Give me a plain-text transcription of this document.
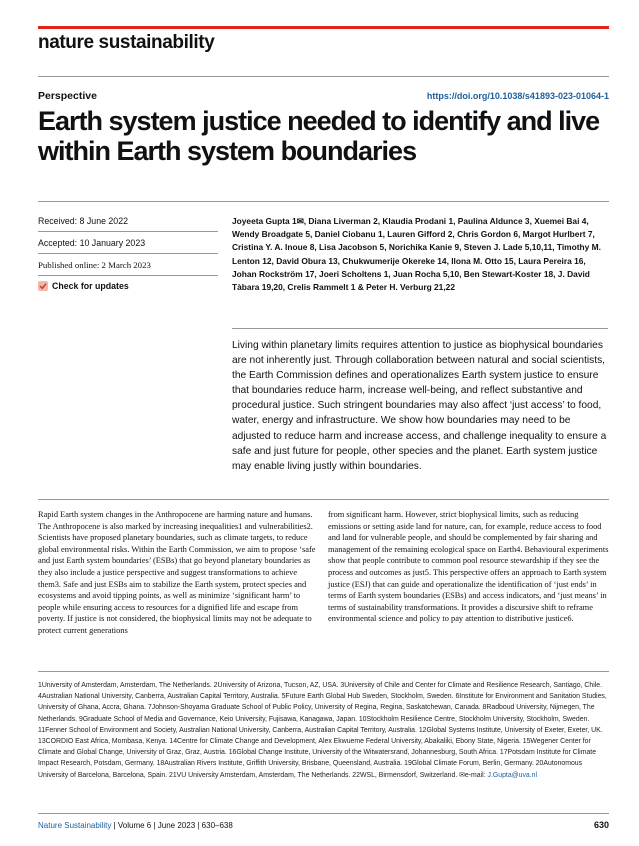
nature sustainability
Perspective	https://doi.org/10.1038/s41893-023-01064-1
Earth system justice needed to identify and live within Earth system boundaries
Received: 8 June 2022
Accepted: 10 January 2023
Published online: 2 March 2023
Check for updates

Joyeeta Gupta 1✉, Diana Liverman 2, Klaudia Prodani 1, Paulina Aldunce 3, Xuemei Bai 4, Wendy Broadgate 5, Daniel Ciobanu 1, Lauren Gifford 2, Chris Gordon 6, Margot Hurlbert 7, Cristina Y. A. Inoue 8, Lisa Jacobson 5, Norichika Kanie 9, Steven J. Lade 5,10,11, Timothy M. Lenton 12, David Obura 13, Chukwumerije Okereke 14, Ilona M. Otto 15, Laura Pereira 16, Johan Rockström 17, Joeri Scholtens 1, Juan Rocha 5,10, Ben Stewart-Koster 18, J. David Tàbara 19,20, Crelis Rammelt 1 & Peter H. Verburg 21,22

Living within planetary limits requires attention to justice as biophysical boundaries are not inherently just. Through collaboration between natural and social scientists, the Earth Commission defines and operationalizes Earth system justice to ensure that boundaries reduce harm, increase well-being, and reflect substantive and procedural justice. Such stringent boundaries may also affect ‘just access’ to food, water, energy and infrastructure. We show how boundaries may need to be adjusted to reduce harm and increase access, and challenge inequality to ensure a safe and just future for people, other species and the planet. Earth system justice may enable living justly within boundaries.

Rapid Earth system changes in the Anthropocene are harming nature and humans. The Anthropocene is also marked by increasing inequalities1 and vulnerabilities2. Scientists have proposed planetary boundaries, such as climate targets, to reduce global environmental risks. Within the Earth Commission, we aim to propose ‘safe and just Earth system boundaries’ (ESBs) that go beyond planetary boundaries as they also include a justice perspective and suggest transformations to achieve them3. Safe and just ESBs aim to stabilize the Earth system, protect species and ecosystems and avoid tipping points, as well as minimize ‘significant harm’ to people while ensuring access to resources for a dignified life and escape from poverty. If justice is not considered, the biophysical limits may not be adequate to protect current generations

from significant harm. However, strict biophysical limits, such as reducing emissions or setting aside land for nature, can, for example, reduce access to food and land for vulnerable people, and should be complemented by fair sharing and management of the remaining ecological space on Earth4. Behavioural experiments show that people contribute to common pool resource stewardship if they see the process and outcomes as just5. This perspective offers an approach to Earth system justice (ESJ) that can guide and operationalize the identification of ‘just ends’ in terms of Earth system boundaries (ESBs) and access indicators, and ‘just means’ in terms of sustainability transformations. It provides a discursive shift to reframe environmental science and policy to pay attention to distributive justice6.

1University of Amsterdam, Amsterdam, The Netherlands. 2University of Arizona, Tucson, AZ, USA. 3University of Chile and Center for Climate and Resilience Research, Santiago, Chile. 4Australian National University, Canberra, Australian Capital Territory, Australia. 5Future Earth Global Hub Sweden, Stockholm, Sweden. 6Institute for Environment and Sanitation Studies, University of Ghana, Accra, Ghana. 7Johnson-Shoyama Graduate School of Public Policy, University of Regina, Regina, Saskatchewan, Canada. 8Radboud University, Nijmegen, The Netherlands. 9Graduate School of Media and Governance, Keio University, Fujisawa, Kanagawa, Japan. 10Stockholm Resilience Centre, Stockholm University, Stockholm, Sweden. 11Fenner School of Environment and Society, Australian National University, Canberra, Australian Capital Territory, Australia. 12Global Systems Institute, University of Exeter, Exeter, UK. 13CORDIO East Africa, Mombasa, Kenya. 14Centre for Climate Change and Development, Alex Ekwueme Federal University, Abakaliki, Ebony State, Nigeria. 15Wegener Center for Climate and Global Change, University of Graz, Graz, Austria. 16Global Change Institute, University of the Witwatersrand, Johannesburg, South Africa. 17Potsdam Institute for Climate Impact Research, Potsdam, Germany. 18Australian Rivers Institute, Griffith University, Brisbane, Queensland, Australia. 19Global Climate Forum, Berlin, Germany. 20Autonomous University of Barcelona, Barcelona, Spain. 21VU University Amsterdam, Amsterdam, The Netherlands. 22WSL, Birmensdorf, Switzerland. ✉e-mail: J.Gupta@uva.nl

Nature Sustainability | Volume 6 | June 2023 | 630–638	630
